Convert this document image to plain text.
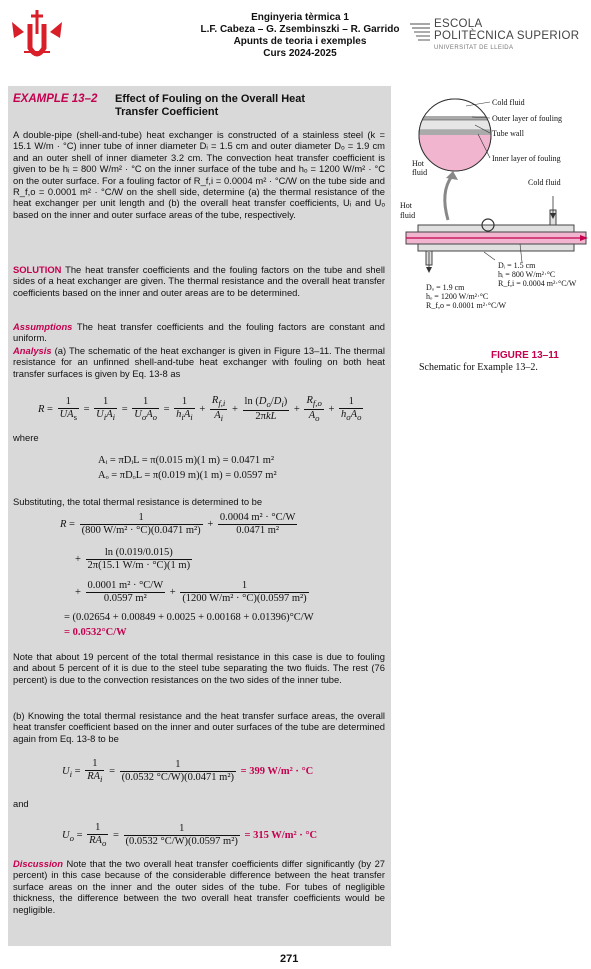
Enginyeria tèrmica 1
L.F. Cabeza – G. Zsembinszki – R. Garrido
Apunts de teoria i exemples
Curs 2024-2025
ESCOLA
POLITÈCNICA SUPERIOR
UNIVERSITAT DE LLEIDA
EXAMPLE 13–2 Effect of Fouling on the Overall Heat
Transfer Coefficient
A double-pipe (shell-and-tube) heat exchanger is constructed of a stainless steel (k = 15.1 W/m · °C) inner tube of inner diameter Dᵢ = 1.5 cm and outer diameter Dₒ = 1.9 cm and an outer shell of inner diameter 3.2 cm. The convection heat transfer coefficient is given to be hᵢ = 800 W/m² · °C on the inner surface of the tube and hₒ = 1200 W/m² · °C on the outer surface. For a fouling factor of R_f,i = 0.0004 m² · °C/W on the tube side and R_f,o = 0.0001 m² · °C/W on the shell side, determine (a) the thermal resistance of the heat exchanger per unit length and (b) the overall heat transfer coefficients, Uᵢ and Uₒ based on the inner and outer surface areas of the tube, respectively.
SOLUTION The heat transfer coefficients and the fouling factors on the tube and shell sides of a heat exchanger are given. The thermal resistance and the overall heat transfer coefficients based on the inner and outer areas are to be determined.
Assumptions The heat transfer coefficients and the fouling factors are constant and uniform.
Analysis (a) The schematic of the heat exchanger is given in Figure 13–11. The thermal resistance for an unfinned shell-and-tube heat exchanger with fouling on both heat transfer surfaces is given by Eq. 13-8 as
$R = \frac{1}{UA_s} = \frac{1}{U_iA_i} = \frac{1}{U_oA_o} = \frac{1}{h_iA_i} + \frac{R_{f,i}}{A_i} + \frac{\ln (D_o/D_i)}{\text{2πkL}} + \frac{R_{f,o}}{A_o} + \frac{1}{h_oA_o}$
where
Aᵢ = πDᵢL = π(0.015 m)(1 m) = 0.0471 m²
Aₒ = πDₒL = π(0.019 m)(1 m) = 0.0597 m²
Substituting, the total thermal resistance is determined to be
$R = \frac{1}{\text{(800 W/m² · °C)(0.0471 m²)}} + \frac{\text{0.0004 m² · °C/W}}{\text{0.0471 m²}}$
+ $\frac{\ln (0.019/0.015)}{2\pi(15.1 W/m \cdot ^\circ C)(1 m)}$
+ $\frac{\text{0.0001 m² · °C/W}}{\text{0.0597 m²}} + \frac{1}{\text{(1200 W/m² · °C)(0.0597 m²)}}$
= (0.02654 + 0.00849 + 0.0025 + 0.00168 + 0.01396)°C/W
= 0.0532°C/W
Note that about 19 percent of the total thermal resistance in this case is due to fouling and about 5 percent of it is due to the steel tube separating the two fluids. The rest (76 percent) is due to the convection resistances on the two sides of the inner tube.
(b) Knowing the total thermal resistance and the heat transfer surface areas, the overall heat transfer coefficient based on the inner and outer surfaces of the tube are determined again from Eq. 13-8 to be
$U_i = \frac{1}{RA_i} = \frac{1}{\text{(0.0532 °C/W)(0.0471 m²)}} = 399$ W/m² · °C
and
$U_o = \frac{1}{RA_o} = \frac{1}{\text{(0.0532 °C/W)(0.0597 m²)}} = 315$ W/m² · °C
Discussion Note that the two overall heat transfer coefficients differ significantly (by 27 percent) in this case because of the considerable difference between the heat transfer surface areas on the inner and the outer sides of the tube. For tubes of negligible thickness, the difference between the two overall heat transfer coefficients would be negligible.
271
Cold fluid
Outer layer of fouling
Tube wall
Inner layer of fouling
Hot
fluid
Cold fluid
Hot
fluid
Dᵢ = 1.5 cm
hᵢ = 800 W/m²·°C
R_f,i = 0.0004 m²·°C/W
Dₒ = 1.9 cm
hₒ = 1200 W/m²·°C
R_f,o = 0.0001 m²·°C/W
FIGURE 13–11
Schematic for Example 13–2.
